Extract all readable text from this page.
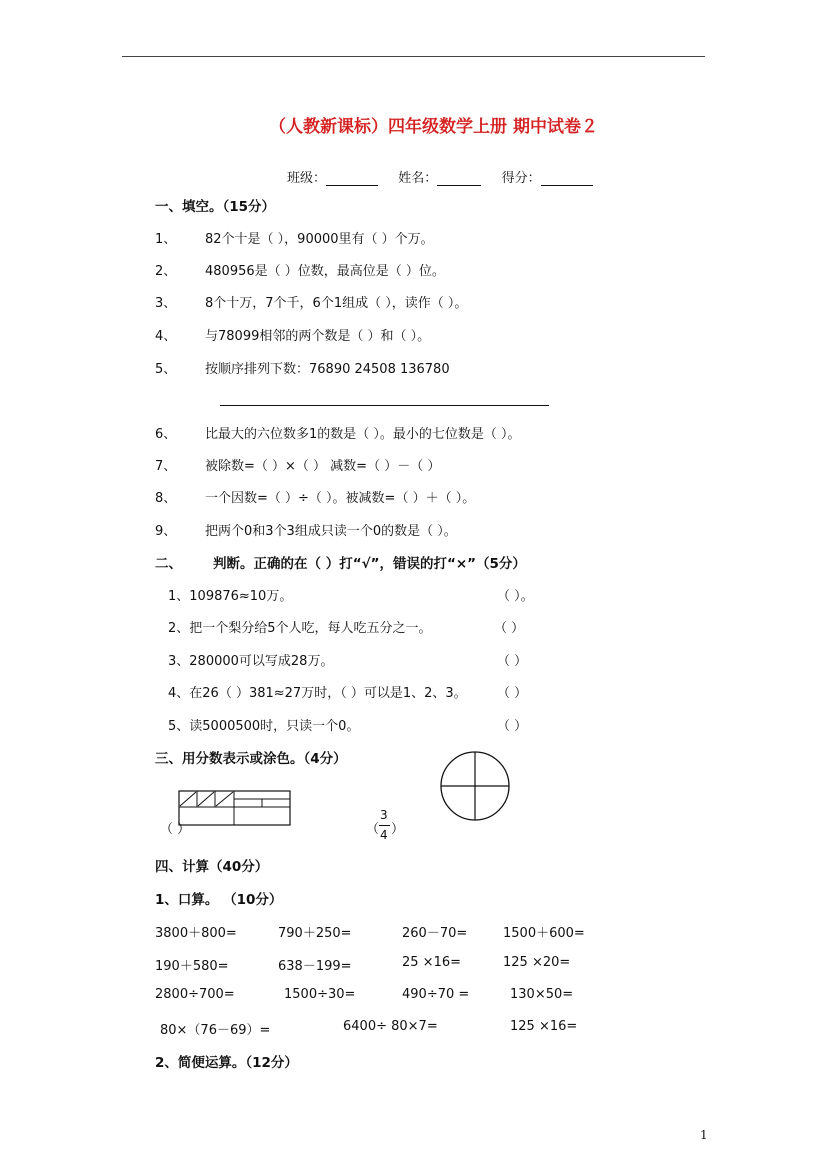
（人教新课标）四年级数学上册 期中试卷２
班级：	姓名：	得分：
一、填空。（15分）
1、 82个十是（ ），90000里有（ ）个万。
2、 480956是（ ）位数，最高位是（ ）位。
3、 8个十万，7个千，6个1组成（ ），读作（ ）。
4、 与78099相邻的两个数是（ ）和（ ）。
5、 按顺序排列下数：76890 24508 136780
6、 比最大的六位数多1的数是（ ）。最小的七位数是（ ）。
7、 被除数=（ ）×（ ） 减数=（ ）－（ ）
8、 一个因数=（ ）÷（ ）。被减数=（ ）＋（ ）。
9、 把两个0和3个3组成只读一个0的数是（ ）。
二、 判断。正确的在（ ）打“√”，错误的打“×”（5分）
1、109876≈10万。	（ ）。
2、把一个梨分给5个人吃，每人吃五分之一。	（ ）
3、280000可以写成28万。	（ ）
4、在26（ ）381≈27万时，（ ）可以是1、2、3。 （ ）
5、读5000500时，只读一个0。	（ ）
三、用分数表示或涂色。（4分）
（ ）	（
3
4 ）
四、计算（40分）
1、口算。 （10分）
3800＋800=	790＋250=	260－70=	1500＋600=
190＋580=	638－199=	25 ×16=	125 ×20=
2800÷700=	1500÷30=	490÷70 =	130×50=
80×（76－69）=	6400÷ 80×7=	125 ×16=
2、简便运算。（12分）
1
